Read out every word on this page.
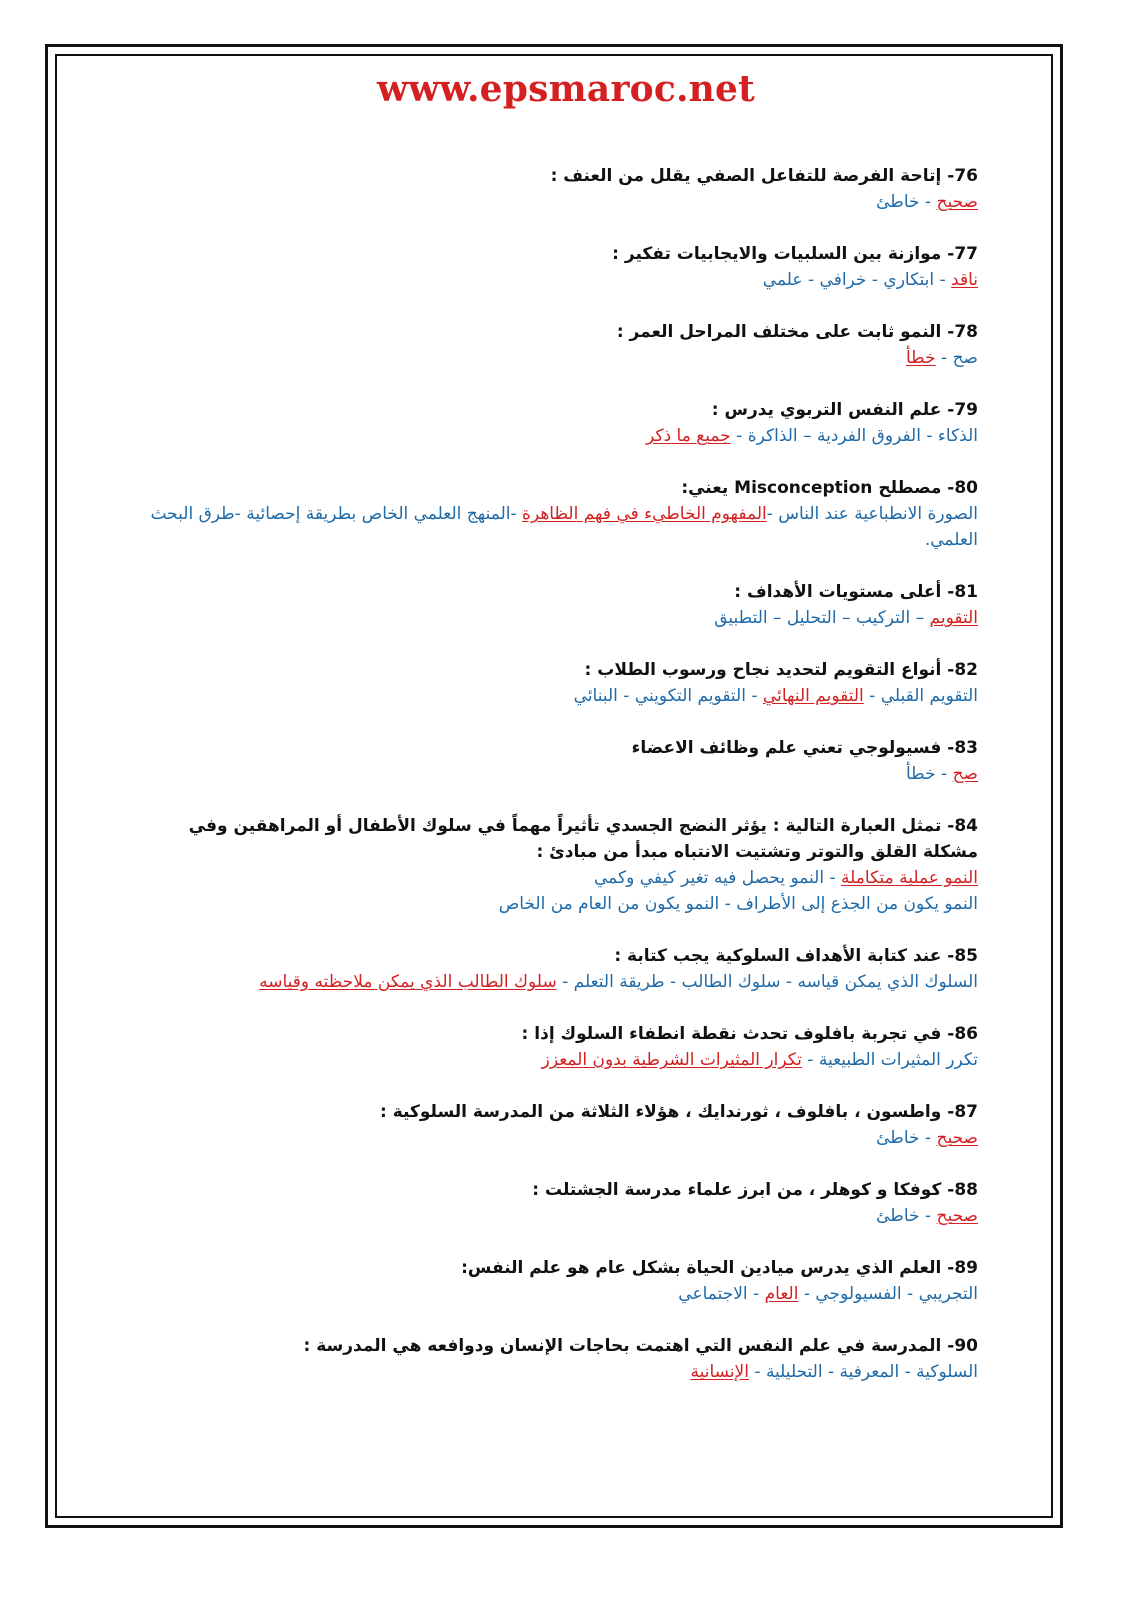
www.epsmaroc.net
76- إتاحة الفرصة للتفاعل الصفي يقلل من العنف :
صحيح - خاطئ
77- موازنة بين السلبيات والايجابيات تفكير :
ناقد - ابتكاري - خرافي - علمي
78- النمو ثابت على مختلف المراحل العمر :
صح - خطأ
79- علم النفس التربوي يدرس :
الذكاء - الفروق الفردية – الذاكرة - جميع ما ذكر
80- مصطلح Misconception يعني:
الصورة الانطباعية عند الناس -المفهوم الخاطيء في فهم الظاهرة -المنهج العلمي الخاص بطريقة إحصائية -طرق البحث العلمي.
81- أعلى مستويات الأهداف :
التقويم – التركيب – التحليل – التطبيق
82- أنواع التقويم لتحديد نجاح ورسوب الطلاب :
التقويم القبلي - التقويم النهائي - التقويم التكويني - البنائي
83- فسيولوجي تعني علم وظائف الاعضاء
صح - خطأ
84- تمثل العبارة التالية : يؤثر النضج الجسدي تأثيراً مهماً في سلوك الأطفال أو المراهقين وفي مشكلة القلق والتوتر وتشتيت الانتباه مبدأ من مبادئ :
النمو عملية متكاملة - النمو يحصل فيه تغير كيفي وكمي
النمو يكون من الجذع إلى الأطراف - النمو يكون من العام من الخاص
85- عند كتابة الأهداف السلوكية يجب كتابة :
السلوك الذي يمكن قياسه - سلوك الطالب - طريقة التعلم - سلوك الطالب الذي يمكن ملاحظته وقياسه
86- في تجربة بافلوف تحدث نقطة انطفاء السلوك إذا :
تكرر المثيرات الطبيعية - تكرار المثيرات الشرطية بدون المعزز
87- واطسون ، بافلوف ، ثورندايك ، هؤلاء الثلاثة من المدرسة السلوكية :
صحيح - خاطئ
88- كوفكا و كوهلر ، من ابرز علماء مدرسة الجشتلت :
صحيح - خاطئ
89- العلم الذي يدرس ميادين الحياة بشكل عام هو علم النفس:
التجريبي - الفسيولوجي - العام - الاجتماعي
90- المدرسة في علم النفس التي اهتمت بحاجات الإنسان ودوافعه هي المدرسة :
السلوكية - المعرفية - التحليلية - الإنسانية
